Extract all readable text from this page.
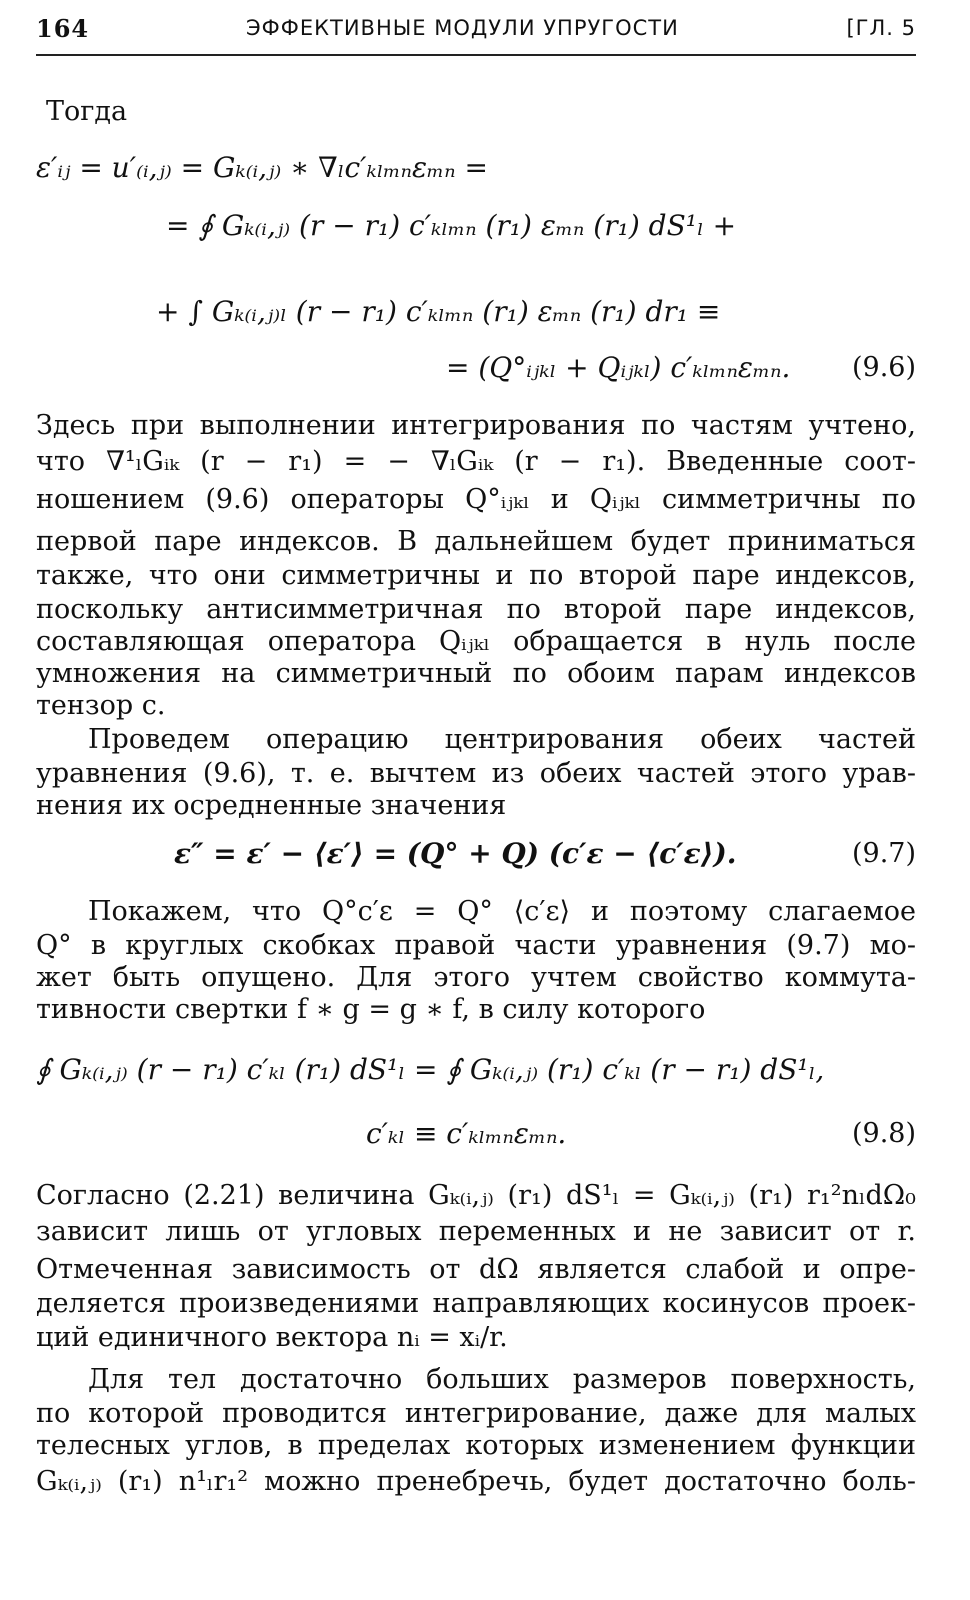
164	ЭФФЕКТИВНЫЕ МОДУЛИ УПРУГОСТИ	[ГЛ. 5
Тогда
ε′ᵢⱼ = u′₍ᵢ,ⱼ₎ = Gₖ₍ᵢ,ⱼ₎ ∗ ∇ₗc′ₖₗₘₙεₘₙ =
= ∮ Gₖ₍ᵢ,ⱼ₎ (r − r₁) c′ₖₗₘₙ (r₁) εₘₙ (r₁) dS¹ₗ +
+ ∫ Gₖ₍ᵢ,ⱼ₎ₗ (r − r₁) c′ₖₗₘₙ (r₁) εₘₙ (r₁) dr₁ ≡
= (Q°ᵢⱼₖₗ + Qᵢⱼₖₗ) c′ₖₗₘₙεₘₙ. (9.6)
Здесь при выполнении интегрирования по частям учтено,
что ∇¹ₗGᵢₖ (r − r₁) = − ∇ₗGᵢₖ (r − r₁). Введенные соот-
ношением (9.6) операторы Q°ᵢⱼₖₗ и Qᵢⱼₖₗ симметричны по
первой паре индексов. В дальнейшем будет приниматься
также, что они симметричны и по второй паре индексов,
поскольку антисимметричная по второй паре индексов,
составляющая оператора Qᵢⱼₖₗ обращается в нуль после
умножения на симметричный по обоим парам индексов
тензор c.
Проведем операцию центрирования обеих частей
уравнения (9.6), т. е. вычтем из обеих частей этого урав-
нения их осредненные значения
ε″ = ε′ − ⟨ε′⟩ = (Q° + Q) (c′ε − ⟨c′ε⟩).	(9.7)
Покажем, что Q°c′ε = Q° ⟨c′ε⟩ и поэтому слагаемое
Q° в круглых скобках правой части уравнения (9.7) мо-
жет быть опущено. Для этого учтем свойство коммута-
тивности свертки f ∗ g = g ∗ f, в силу которого
∮ Gₖ₍ᵢ,ⱼ₎ (r − r₁) c′ₖₗ (r₁) dS¹ₗ = ∮ Gₖ₍ᵢ,ⱼ₎ (r₁) c′ₖₗ (r − r₁) dS¹ₗ,
c′ₖₗ ≡ c′ₖₗₘₙεₘₙ.	(9.8)
Согласно (2.21) величина Gₖ₍ᵢ,ⱼ₎ (r₁) dS¹ₗ = Gₖ₍ᵢ,ⱼ₎ (r₁) r₁²nₗdΩ₀
зависит лишь от угловых переменных и не зависит от r.
Отмеченная зависимость от dΩ является слабой и опре-
деляется произведениями направляющих косинусов проек-
ций единичного вектора nᵢ = xᵢ/r.
Для тел достаточно больших размеров поверхность,
по которой проводится интегрирование, даже для малых
телесных углов, в пределах которых изменением функции
Gₖ₍ᵢ,ⱼ₎ (r₁) n¹ₗr₁² можно пренебречь, будет достаточно боль-
